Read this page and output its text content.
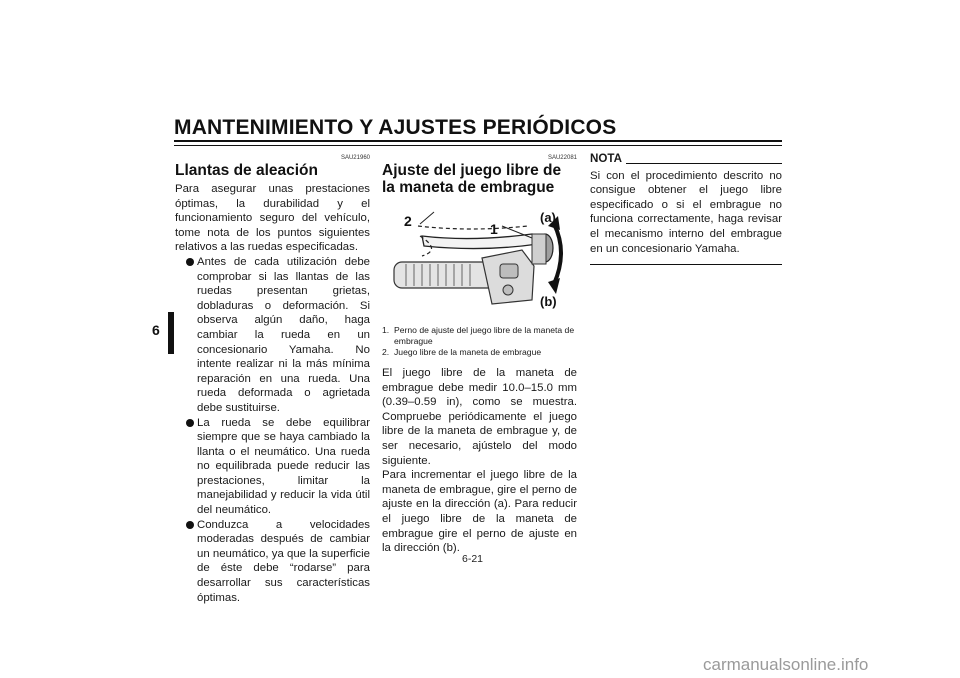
MANTENIMIENTO Y AJUSTES PERIÓDICOS
6
SAU21960
Llantas de aleación

Para asegurar unas prestaciones óptimas, la durabilidad y el funcionamiento seguro del vehículo, tome nota de los puntos siguientes relativos a las ruedas especificadas.

Antes de cada utilización debe comprobar si las llantas de las ruedas presentan grietas, dobladuras o deformación. Si observa algún daño, haga cambiar la rueda en un concesionario Yamaha. No intente realizar ni la más mínima reparación en una rueda. Una rueda deformada o agrietada debe sustituirse.
La rueda se debe equilibrar siempre que se haya cambiado la llanta o el neumático. Una rueda no equilibrada puede reducir las prestaciones, limitar la manejabilidad y reducir la vida útil del neumático.
Conduzca a velocidades moderadas después de cambiar un neumático, ya que la superficie de éste debe “rodarse” para desarrollar sus características óptimas.
SAU22081
Ajuste del juego libre de la maneta de embrague
2	1
(a)
(b)
1. Perno de ajuste del juego libre de la maneta de embrague
2. Juego libre de la maneta de embrague

El juego libre de la maneta de embrague debe medir 10.0–15.0 mm (0.39–0.59 in), como se muestra. Compruebe periódicamente el juego libre de la maneta de embrague y, de ser necesario, ajústelo del modo siguiente.

Para incrementar el juego libre de la maneta de embrague, gire el perno de ajuste en la dirección (a). Para reducir el juego libre de la maneta de embrague gire el perno de ajuste en la dirección (b).

NOTA

Si con el procedimiento descrito no consigue obtener el juego libre especificado o si el embrague no funciona correctamente, haga revisar el mecanismo interno del embrague en un concesionario Yamaha.

6-21
carmanualsonline.info
